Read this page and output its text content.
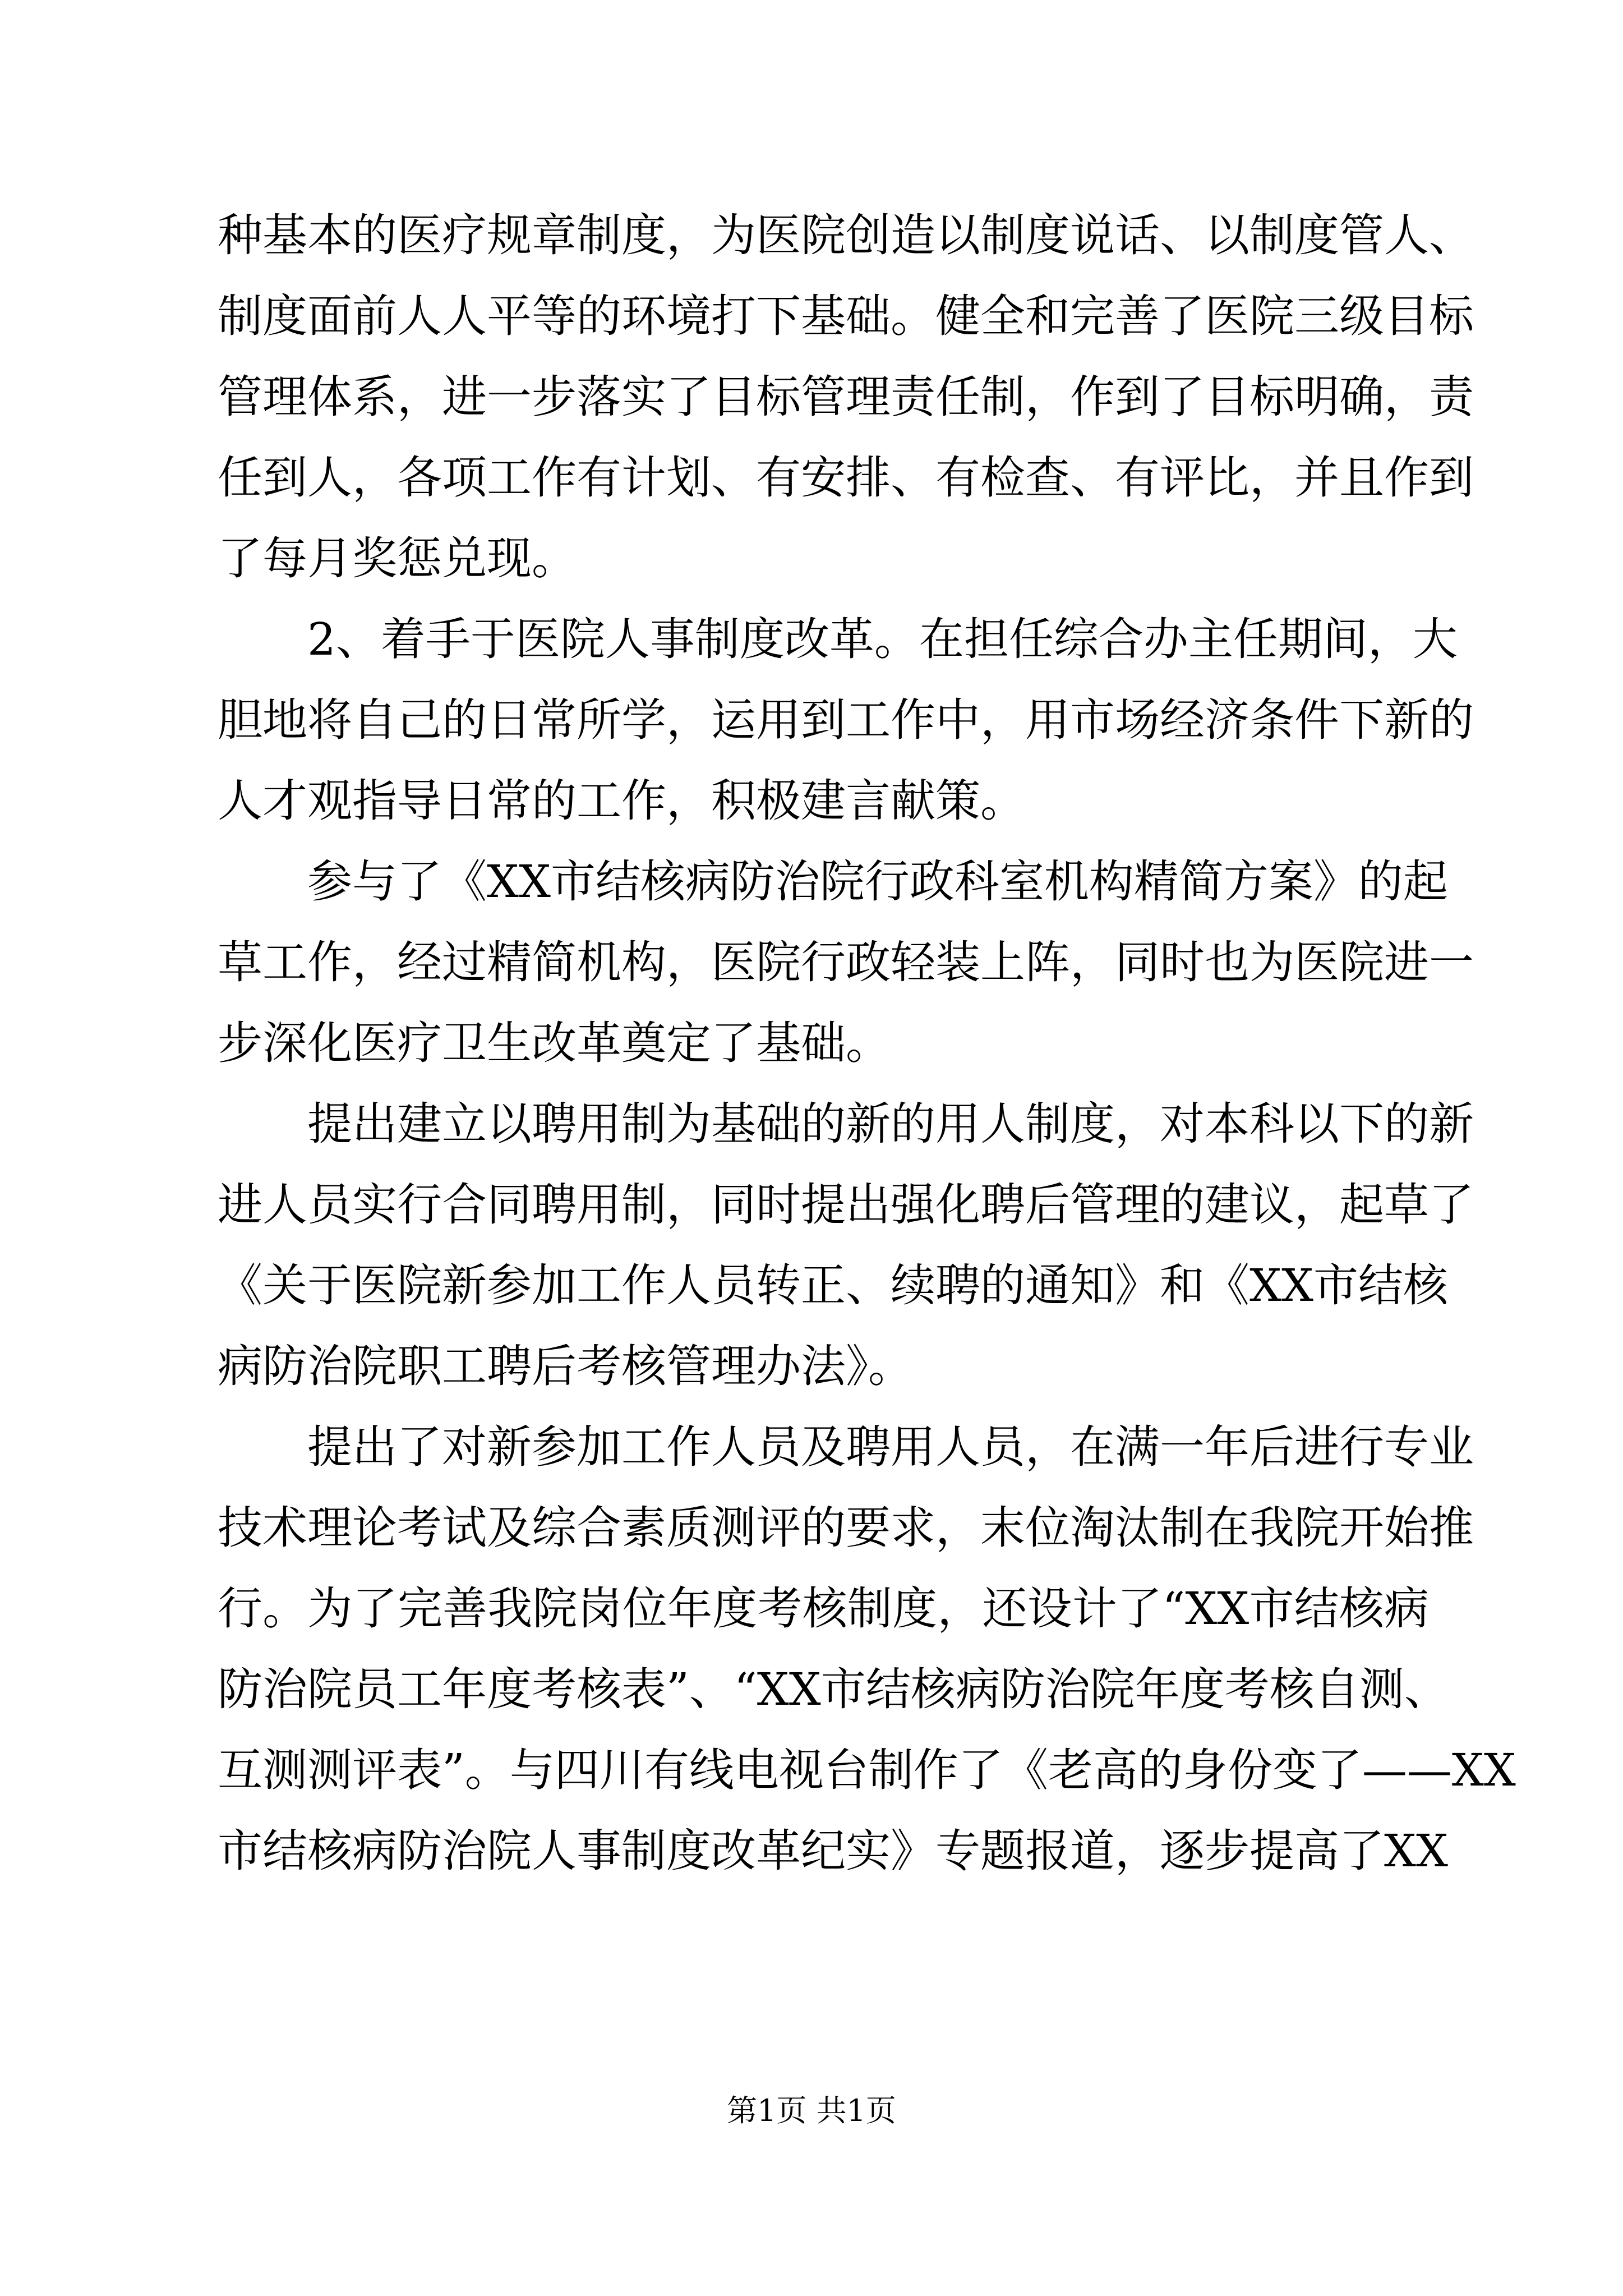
种基本的医疗规章制度，为医院创造以制度说话、以制度管人、
制度面前人人平等的环境打下基础。健全和完善了医院三级目标
管理体系，进一步落实了目标管理责任制，作到了目标明确，责
任到人，各项工作有计划、有安排、有检查、有评比，并且作到
了每月奖惩兑现。
　　2、着手于医院人事制度改革。在担任综合办主任期间，大
胆地将自己的日常所学，运用到工作中，用市场经济条件下新的
人才观指导日常的工作，积极建言献策。
　　参与了《XX市结核病防治院行政科室机构精简方案》的起
草工作，经过精简机构，医院行政轻装上阵，同时也为医院进一
步深化医疗卫生改革奠定了基础。
　　提出建立以聘用制为基础的新的用人制度，对本科以下的新
进人员实行合同聘用制，同时提出强化聘后管理的建议，起草了
《关于医院新参加工作人员转正、续聘的通知》和《XX市结核
病防治院职工聘后考核管理办法》。
　　提出了对新参加工作人员及聘用人员，在满一年后进行专业
技术理论考试及综合素质测评的要求，末位淘汰制在我院开始推
行。为了完善我院岗位年度考核制度，还设计了“XX市结核病
防治院员工年度考核表”、“XX市结核病防治院年度考核自测、
互测测评表”。与四川有线电视台制作了《老高的身份变了——XX
市结核病防治院人事制度改革纪实》专题报道，逐步提高了XX
第1页 共1页
